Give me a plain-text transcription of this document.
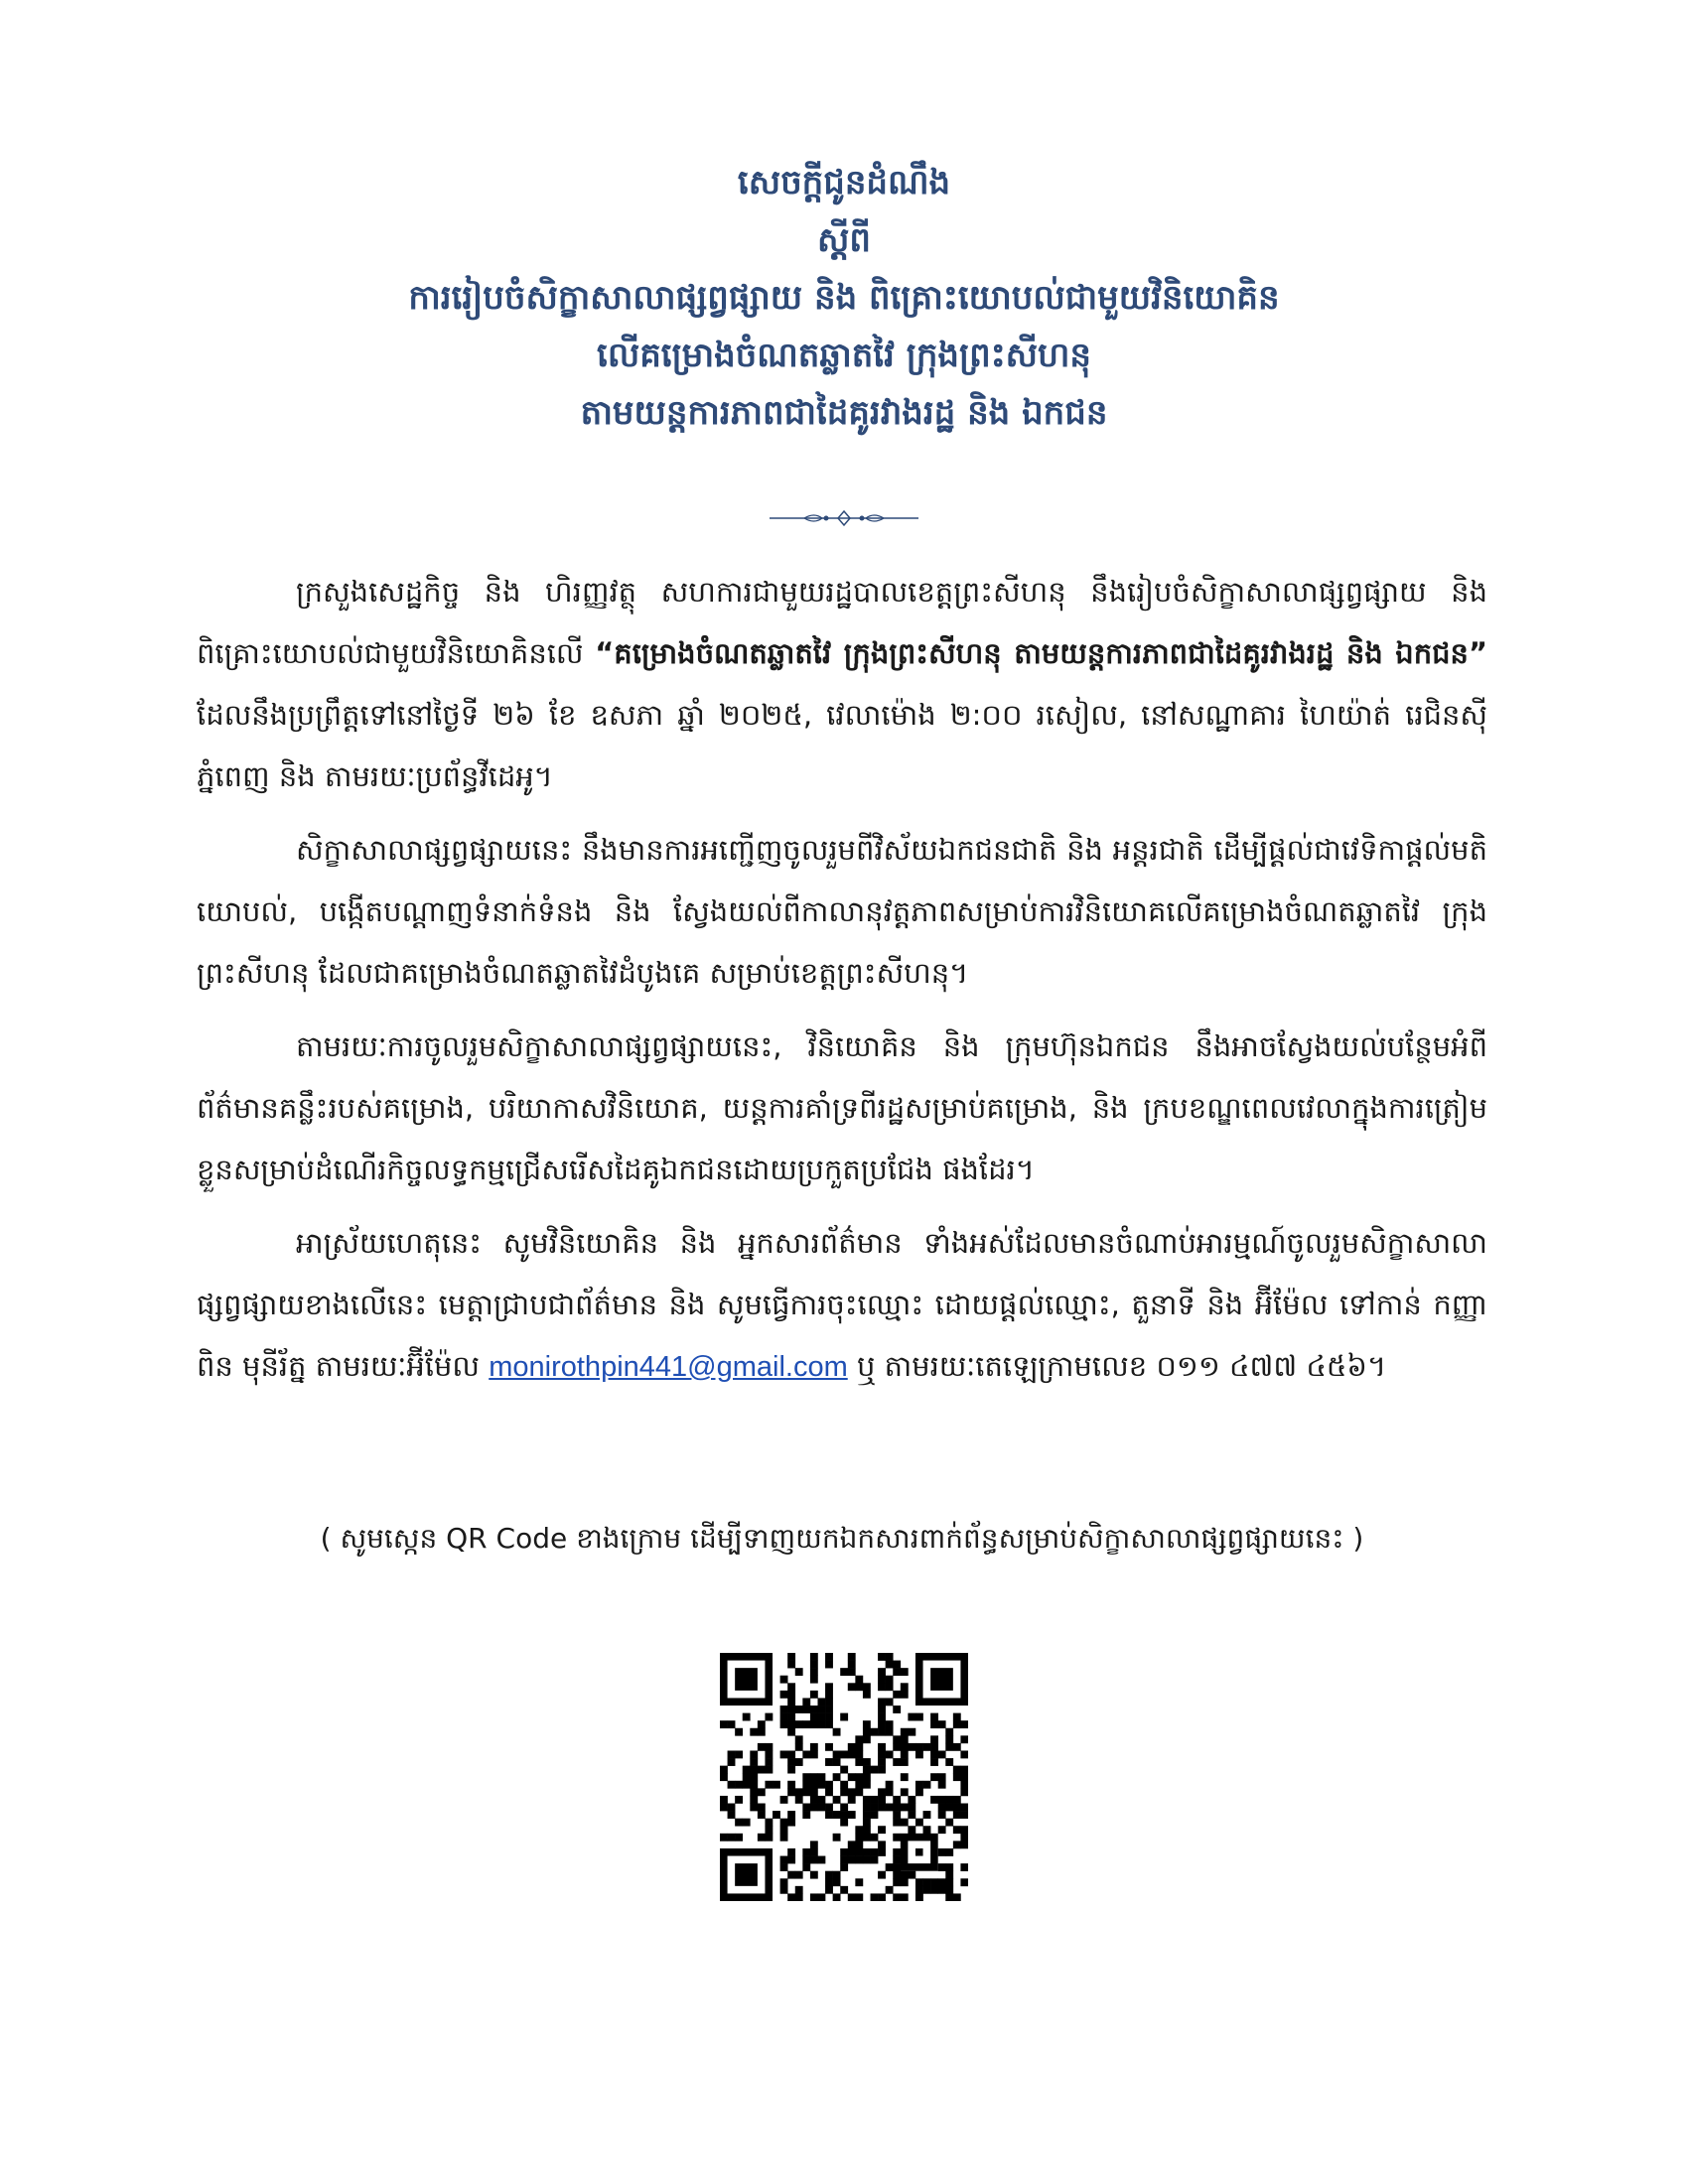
សេចក្តីជូនដំណឹង
ស្តីពី
ការរៀបចំសិក្ខាសាលាផ្សព្វផ្សាយ និង ពិគ្រោះយោបល់ជាមួយវិនិយោគិន
លើគម្រោងចំណតឆ្លាតវៃ ក្រុងព្រះសីហនុ
តាមយន្តការភាពជាដៃគូរវាងរដ្ឋ និង ឯកជន

ក្រសួងសេដ្ឋកិច្ច និង ហិរញ្ញវត្ថុ សហការជាមួយរដ្ឋបាលខេត្តព្រះសីហនុ នឹងរៀបចំសិក្ខាសាលាផ្សព្វផ្សាយ និង ពិគ្រោះយោបល់ជាមួយវិនិយោគិនលើ “គម្រោងចំណតឆ្លាតវៃ ក្រុងព្រះសីហនុ តាមយន្តការភាពជាដៃគូរវាងរដ្ឋ និង ឯកជន” ដែលនឹងប្រព្រឹត្តទៅនៅថ្ងៃទី ២៦ ខែ ឧសភា ឆ្នាំ ២០២៥, វេលាម៉ោង ២:០០ រសៀល, នៅសណ្ឋាគារ ហៃយ៉ាត់ រេជិនស៊ី ភ្នំពេញ និង តាមរយៈប្រព័ន្ធវីដេអូ។

សិក្ខាសាលាផ្សព្វផ្សាយនេះ នឹងមានការអញ្ជើញចូលរួមពីវិស័យឯកជនជាតិ និង អន្តរជាតិ ដើម្បីផ្តល់ជាវេទិកាផ្តល់មតិយោបល់, បង្កើតបណ្តាញទំនាក់ទំនង និង ស្វែងយល់ពីកាលានុវត្តភាពសម្រាប់ការវិនិយោគលើគម្រោងចំណតឆ្លាតវៃ ក្រុងព្រះសីហនុ ដែលជាគម្រោងចំណតឆ្លាតវៃដំបូងគេ សម្រាប់ខេត្តព្រះសីហនុ។

តាមរយៈការចូលរួមសិក្ខាសាលាផ្សព្វផ្សាយនេះ, វិនិយោគិន និង ក្រុមហ៊ុនឯកជន នឹងអាចស្វែងយល់បន្ថែមអំពីព័ត៌មានគន្លឹះរបស់គម្រោង, បរិយាកាសវិនិយោគ, យន្តការគាំទ្រពីរដ្ឋសម្រាប់គម្រោង, និង ក្របខណ្ឌពេលវេលាក្នុងការត្រៀមខ្លួនសម្រាប់ដំណើរកិច្ចលទ្ធកម្មជ្រើសរើសដៃគូឯកជនដោយប្រកួតប្រជែង ផងដែរ។

អាស្រ័យហេតុនេះ សូមវិនិយោគិន និង អ្នកសារព័ត៌មាន ទាំងអស់ដែលមានចំណាប់អារម្មណ៍ចូលរួមសិក្ខាសាលាផ្សព្វផ្សាយខាងលើនេះ មេត្តាជ្រាបជាព័ត៌មាន និង សូមធ្វើការចុះឈ្មោះ ដោយផ្តល់ឈ្មោះ, តួនាទី និង អ៊ីម៉ែល ទៅកាន់ កញ្ញា ពិន មុនីរ័ត្ន តាមរយៈអ៊ីម៉ែល monirothpin441@gmail.com ឬ តាមរយៈតេឡេក្រាមលេខ ០១១ ៤៧៧ ៤៥៦។

( សូមស្កេន QR Code ខាងក្រោម ដើម្បីទាញយកឯកសារពាក់ព័ន្ធសម្រាប់សិក្ខាសាលាផ្សព្វផ្សាយនេះ )
